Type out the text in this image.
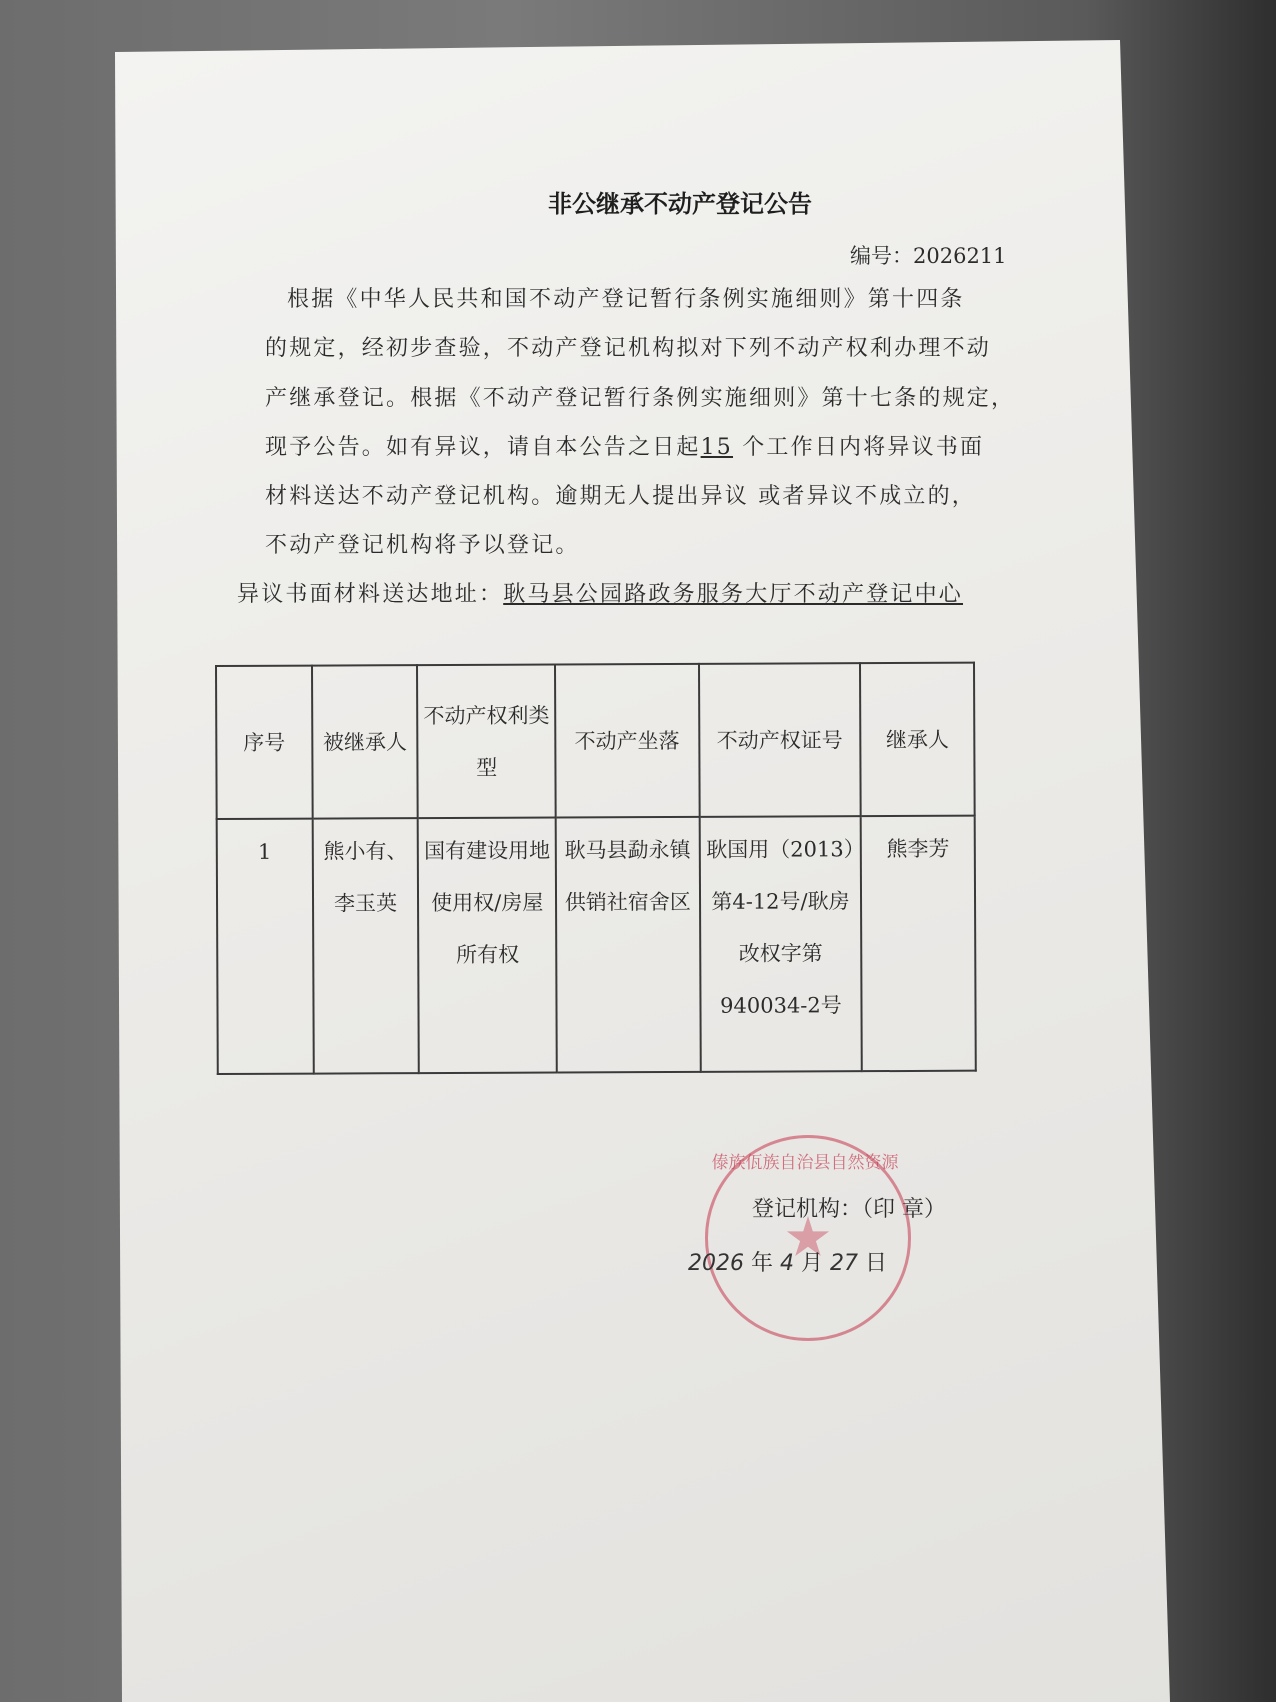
非公继承不动产登记公告
编号：2026211
根据《中华人民共和国不动产登记暂行条例实施细则》第十四条
的规定，经初步查验，不动产登记机构拟对下列不动产权利办理不动
产继承登记。根据《不动产登记暂行条例实施细则》第十七条的规定，
现予公告。如有异议，请自本公告之日起15 个工作日内将异议书面
材料送达不动产登记机构。逾期无人提出异议 或者异议不成立的，
不动产登记机构将予以登记。
异议书面材料送达地址：耿马县公园路政务服务大厅不动产登记中心
序号	被继承人	不动产权利类型	不动产坐落	不动产权证号	继承人
1	熊小有、李玉英	国有建设用地使用权/房屋所有权	耿马县勐永镇供销社宿舍区	耿国用（2013）第4-12号/耿房改权字第940034-2号	熊李芳
傣族佤族自治县自然资源
登记机构：（印 章）
2026 年 4 月 27 日
